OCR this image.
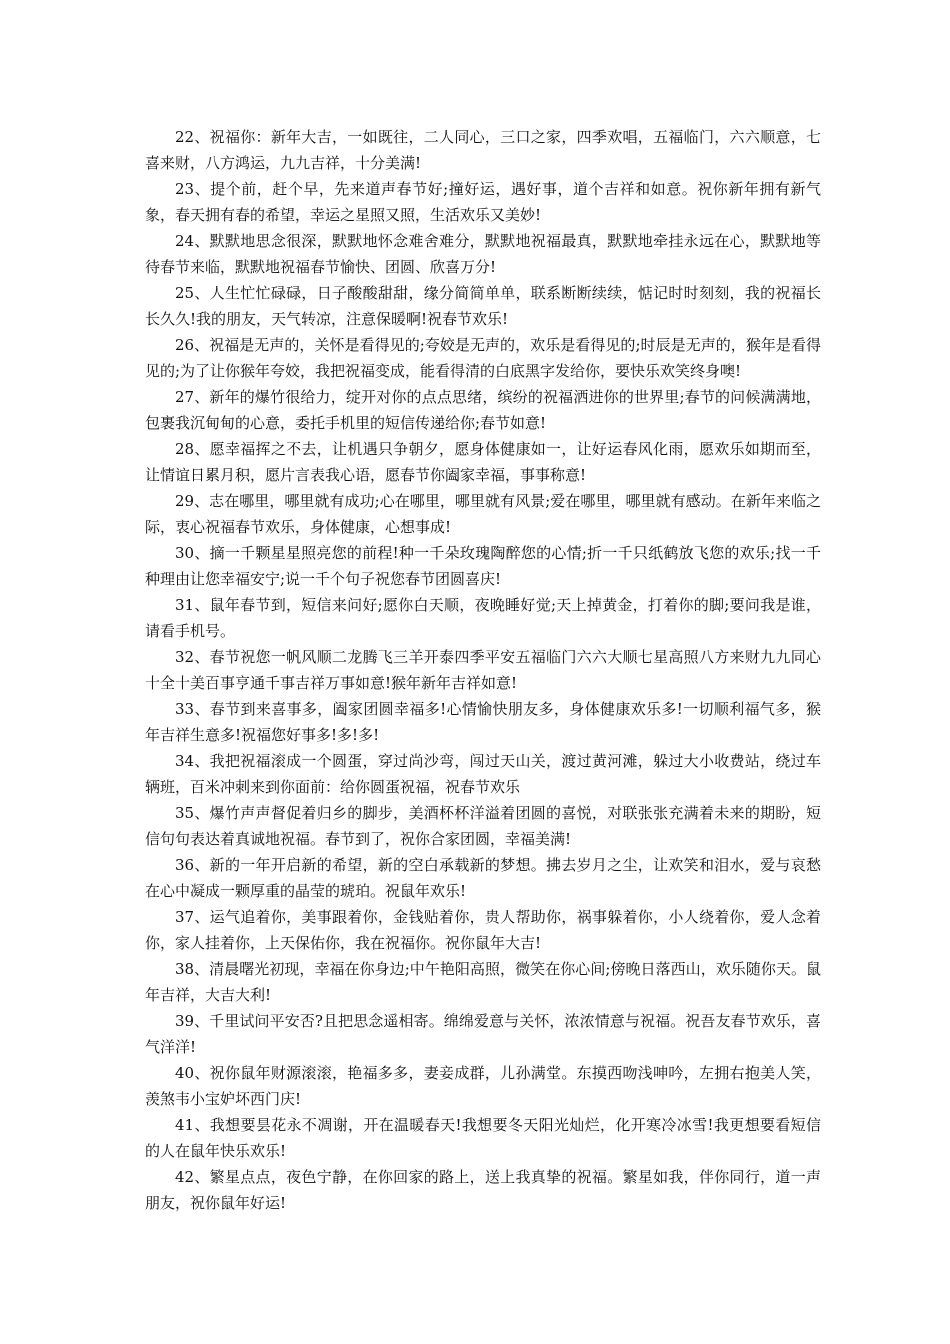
22、祝福你：新年大吉，一如既往，二人同心，三口之家，四季欢唱，五福临门，六六顺意，七喜来财，八方鸿运，九九吉祥，十分美满!

23、提个前，赶个早，先来道声春节好;撞好运，遇好事，道个吉祥和如意。祝你新年拥有新气象，春天拥有春的希望，幸运之星照又照，生活欢乐又美妙!

24、默默地思念很深，默默地怀念难舍难分，默默地祝福最真，默默地牵挂永远在心，默默地等待春节来临，默默地祝福春节愉快、团圆、欣喜万分!

25、人生忙忙碌碌，日子酸酸甜甜，缘分简简单单，联系断断续续，惦记时时刻刻，我的祝福长长久久!我的朋友，天气转凉，注意保暖啊!祝春节欢乐!

26、祝福是无声的，关怀是看得见的;夸姣是无声的，欢乐是看得见的;时辰是无声的，猴年是看得见的;为了让你猴年夸姣，我把祝福变成，能看得清的白底黑字发给你，要快乐欢笑终身噢!

27、新年的爆竹很给力，绽开对你的点点思绪，缤纷的祝福洒进你的世界里;春节的问候满满地，包裹我沉甸甸的心意，委托手机里的短信传递给你;春节如意!

28、愿幸福挥之不去，让机遇只争朝夕，愿身体健康如一，让好运春风化雨，愿欢乐如期而至，让情谊日累月积，愿片言表我心语，愿春节你阖家幸福，事事称意!

29、志在哪里，哪里就有成功;心在哪里，哪里就有风景;爱在哪里，哪里就有感动。在新年来临之际，衷心祝福春节欢乐，身体健康，心想事成!

30、摘一千颗星星照亮您的前程!种一千朵玫瑰陶醉您的心情;折一千只纸鹤放飞您的欢乐;找一千种理由让您幸福安宁;说一千个句子祝您春节团圆喜庆!

31、鼠年春节到，短信来问好;愿你白天顺，夜晚睡好觉;天上掉黄金，打着你的脚;要问我是谁，请看手机号。

32、春节祝您一帆风顺二龙腾飞三羊开泰四季平安五福临门六六大顺七星高照八方来财九九同心十全十美百事亨通千事吉祥万事如意!猴年新年吉祥如意!

33、春节到来喜事多，阖家团圆幸福多!心情愉快朋友多，身体健康欢乐多!一切顺利福气多，猴年吉祥生意多!祝福您好事多!多!多!

34、我把祝福滚成一个圆蛋，穿过尚沙弯，闯过天山关，渡过黄河滩，躲过大小收费站，绕过车辆班，百米冲刺来到你面前：给你圆蛋祝福，祝春节欢乐

35、爆竹声声督促着归乡的脚步，美酒杯杯洋溢着团圆的喜悦，对联张张充满着未来的期盼，短信句句表达着真诚地祝福。春节到了，祝你合家团圆，幸福美满!

36、新的一年开启新的希望，新的空白承载新的梦想。拂去岁月之尘，让欢笑和泪水，爱与哀愁在心中凝成一颗厚重的晶莹的琥珀。祝鼠年欢乐!

37、运气追着你，美事跟着你，金钱贴着你，贵人帮助你，祸事躲着你，小人绕着你，爱人念着你，家人挂着你，上天保佑你，我在祝福你。祝你鼠年大吉!

38、清晨曙光初现，幸福在你身边;中午艳阳高照，微笑在你心间;傍晚日落西山，欢乐随你天。鼠年吉祥，大吉大利!

39、千里试问平安否?且把思念遥相寄。绵绵爱意与关怀，浓浓情意与祝福。祝吾友春节欢乐，喜气洋洋!

40、祝你鼠年财源滚滚，艳福多多，妻妾成群，儿孙满堂。东摸西吻浅呻吟，左拥右抱美人笑，羡煞韦小宝妒坏西门庆!

41、我想要昙花永不凋谢，开在温暖春天!我想要冬天阳光灿烂，化开寒冷冰雪!我更想要看短信的人在鼠年快乐欢乐!

42、繁星点点，夜色宁静，在你回家的路上，送上我真挚的祝福。繁星如我，伴你同行，道一声朋友，祝你鼠年好运!
